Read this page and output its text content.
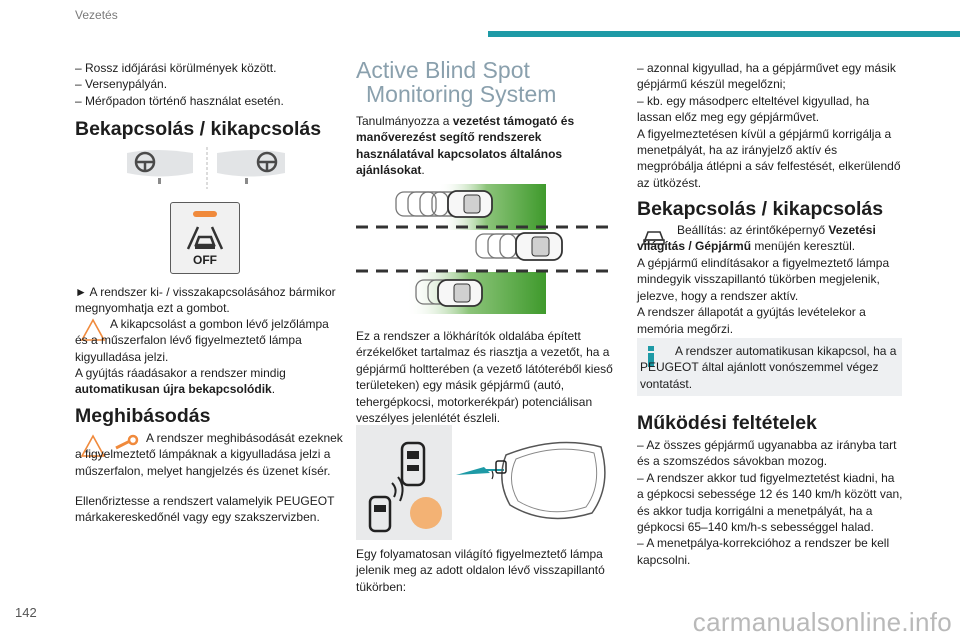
Vezetés

– Rossz időjárási körülmények között.

– Versenypályán.

– Mérőpadon történő használat esetén.

Bekapcsolás / kikapcsolás
OFF

► A rendszer ki- / visszakapcsolásához bármikor megnyomhatja ezt a gombot.

A kikapcsolást a gombon lévő jelzőlámpa és a műszerfalon lévő figyelmeztető lámpa kigyulladása jelzi.

A gyújtás ráadásakor a rendszer mindig automatikusan újra bekapcsolódik.

Meghibásodás

A rendszer meghibásodását ezeknek a figyelmeztető lámpáknak a kigyulladása jelzi a műszerfalon, melyet hangjelzés és üzenet kísér.

Ellenőriztesse a rendszert valamelyik PEUGEOT márkakereskedőnél vagy egy szakszervizben.

Active Blind Spot
Monitoring System

Tanulmányozza a vezetést támogató és manőverezést segítő rendszerek használatával kapcsolatos általános ajánlásokat.

Ez a rendszer a lökhárítók oldalába épített érzékelőket tartalmaz és riasztja a vezetőt, ha a gépjármű holtterében (a vezető látóteréből kieső területeken) egy másik gépjármű (autó, tehergépkocsi, motorkerékpár) potenciálisan veszélyes jelenlétét észleli.

Egy folyamatosan világító figyelmeztető lámpa jelenik meg az adott oldalon lévő visszapillantó tükörben:

– azonnal kigyullad, ha a gépjárművet egy másik gépjármű készül megelőzni;

– kb. egy másodperc elteltével kigyullad, ha lassan előz meg egy gépjárművet.

A figyelmeztetésen kívül a gépjármű korrigálja a menetpályát, ha az irányjelző aktív és megpróbálja átlépni a sáv felfestését, elkerülendő az ütközést.

Bekapcsolás / kikapcsolás

Beállítás: az érintőképernyő Vezetési világítás / Gépjármű menüjén keresztül.

A gépjármű elindításakor a figyelmeztető lámpa mindegyik visszapillantó tükörben megjelenik, jelezve, hogy a rendszer aktív.

A rendszer állapotát a gyújtás levételekor a memória megőrzi.

A rendszer automatikusan kikapcsol, ha a PEUGEOT által ajánlott vonószemmel végez vontatást.
Működési feltételek

– Az összes gépjármű ugyanabba az irányba tart és a szomszédos sávokban mozog.

– A rendszer akkor tud figyelmeztetést kiadni, ha a gépkocsi sebessége 12 és 140 km/h között van, és akkor tudja korrigálni a menetpályát, ha a gépkocsi 65–140 km/h-s sebességgel halad.

– A menetpálya-korrekcióhoz a rendszer be kell kapcsolni.

142	carmanualsonline.info
